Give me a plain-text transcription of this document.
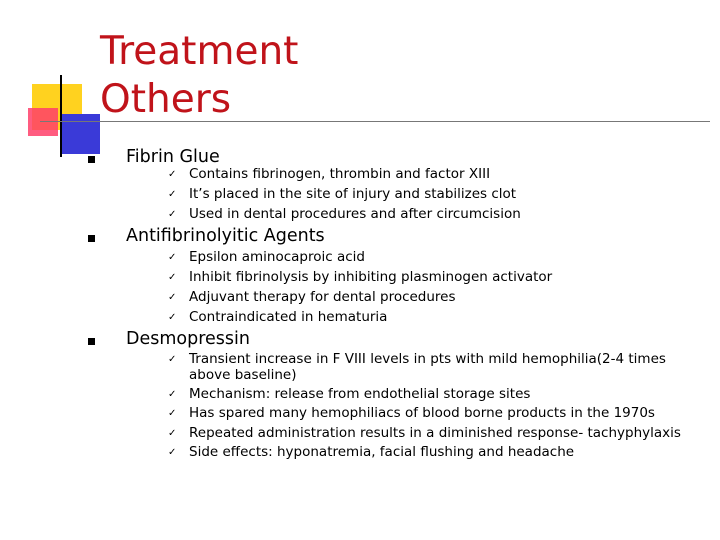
Treatment
Others
Fibrin Glue
✓ Contains fibrinogen, thrombin and factor XIII
✓ It’s placed in the site of injury and stabilizes clot
✓ Used in dental procedures and after circumcision
Antifibrinolyitic Agents
✓ Epsilon aminocaproic acid
✓ Inhibit fibrinolysis by inhibiting plasminogen activator
✓ Adjuvant therapy for dental procedures
✓ Contraindicated in hematuria
Desmopressin
✓ Transient increase in F VIII levels in pts with mild hemophilia(2-4 times
above baseline)
✓ Mechanism: release from endothelial storage sites
✓ Has spared many hemophiliacs of blood borne products in the 1970s
✓ Repeated administration results in a diminished response- tachyphylaxis
✓ Side effects: hyponatremia, facial flushing and headache
